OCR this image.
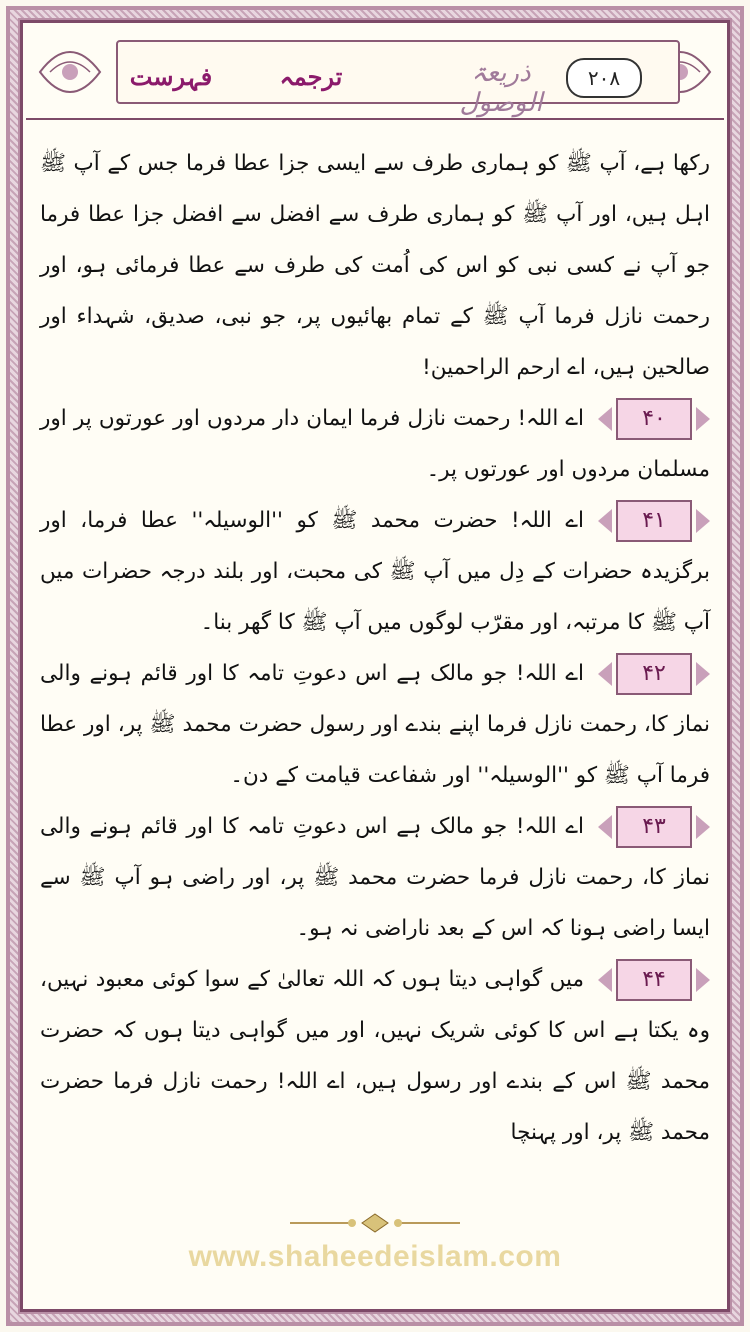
۲۰۸
ذریعۃ الوصول
ترجمہ
فہرست

رکھا ہے، آپ ﷺ کو ہماری طرف سے ایسی جزا عطا فرما جس کے آپ ﷺ اہل ہیں، اور آپ ﷺ کو ہماری طرف سے افضل سے افضل جزا عطا فرما جو آپ نے کسی نبی کو اس کی اُمت کی طرف سے عطا فرمائی ہو، اور رحمت نازل فرما آپ ﷺ کے تمام بھائیوں پر، جو نبی، صدیق، شہداء اور صالحین ہیں، اے ارحم الراحمین!

۴۰
اے اللہ! رحمت نازل فرما ایمان دار مردوں اور عورتوں پر اور مسلمان مردوں اور عورتوں پر۔

۴۱
اے اللہ! حضرت محمد ﷺ کو ''الوسیلہ'' عطا فرما، اور برگزیدہ حضرات کے دِل میں آپ ﷺ کی محبت، اور بلند درجہ حضرات میں آپ ﷺ کا مرتبہ، اور مقرّب لوگوں میں آپ ﷺ کا گھر بنا۔

۴۲
اے اللہ! جو مالک ہے اس دعوتِ تامہ کا اور قائم ہونے والی نماز کا، رحمت نازل فرما اپنے بندے اور رسول حضرت محمد ﷺ پر، اور عطا فرما آپ ﷺ کو ''الوسیلہ'' اور شفاعت قیامت کے دن۔

۴۳
اے اللہ! جو مالک ہے اس دعوتِ تامہ کا اور قائم ہونے والی نماز کا، رحمت نازل فرما حضرت محمد ﷺ پر، اور راضی ہو آپ ﷺ سے ایسا راضی ہونا کہ اس کے بعد ناراضی نہ ہو۔

۴۴
میں گواہی دیتا ہوں کہ اللہ تعالیٰ کے سوا کوئی معبود نہیں، وہ یکتا ہے اس کا کوئی شریک نہیں، اور میں گواہی دیتا ہوں کہ حضرت محمد ﷺ اس کے بندے اور رسول ہیں، اے اللہ! رحمت نازل فرما حضرت محمد ﷺ پر، اور پہنچا

www.shaheedeislam.com
